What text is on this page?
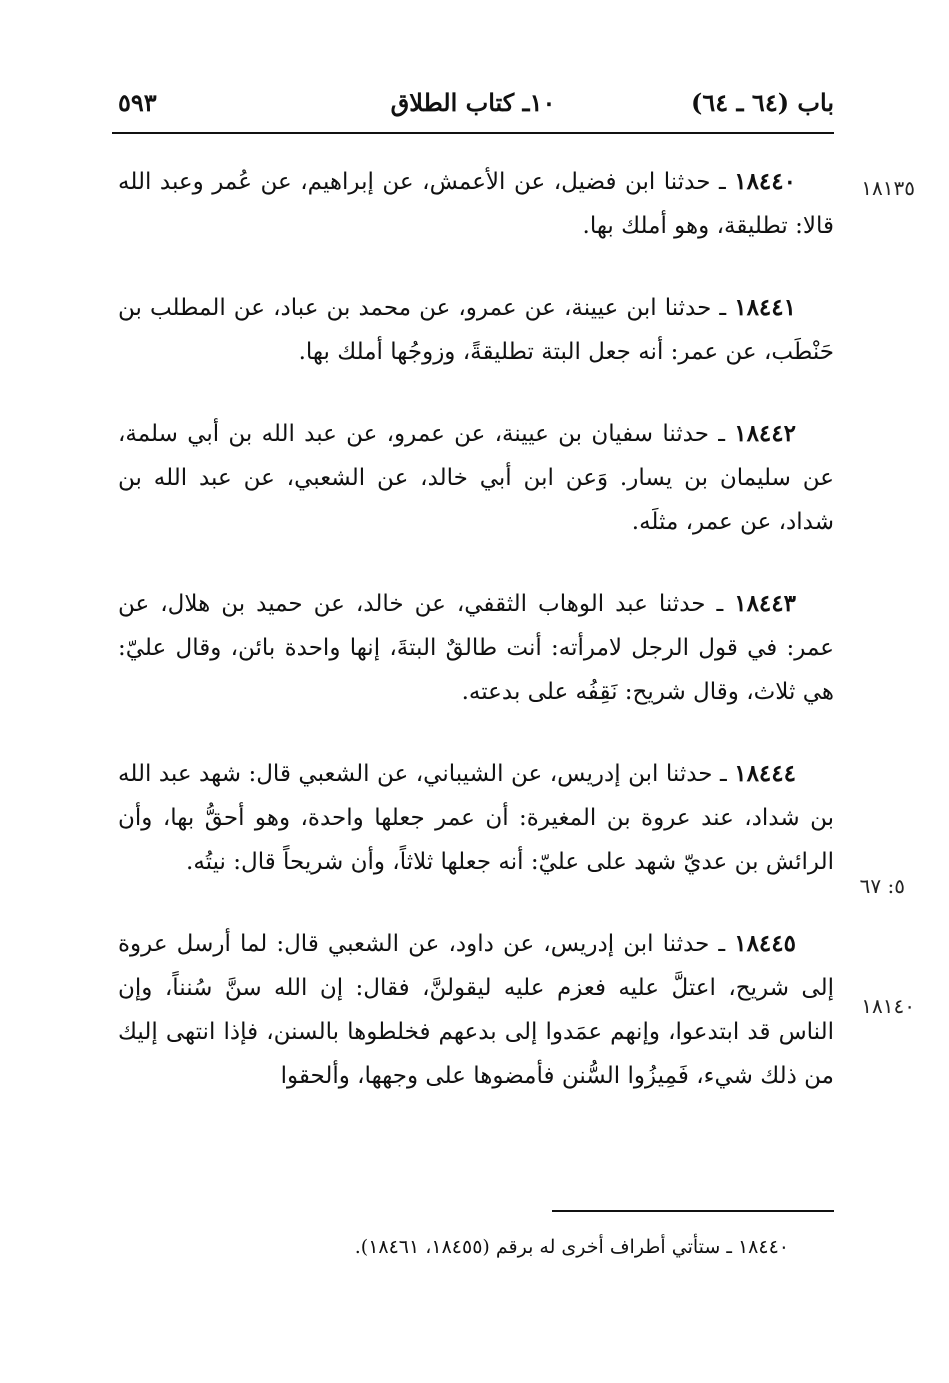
باب (٦٤ ـ ٦٤)
١٠ـ كتاب الطلاق
٥٩٣
١٨١٣٥
٥: ٦٧
١٨١٤٠

١٨٤٤٠ ـ حدثنا ابن فضيل، عن الأعمش، عن إبراهيم، عن عُمر وعبد الله قالا: تطليقة، وهو أملك بها.

١٨٤٤١ ـ حدثنا ابن عيينة، عن عمرو، عن محمد بن عباد، عن المطلب بن حَنْطَب، عن عمر: أنه جعل البتة تطليقةً، وزوجُها أملك بها.

١٨٤٤٢ ـ حدثنا سفيان بن عيينة، عن عمرو، عن عبد الله بن أبي سلمة، عن سليمان بن يسار. وَعن ابن أبي خالد، عن الشعبي، عن عبد الله بن شداد، عن عمر، مثلَه.

١٨٤٤٣ ـ حدثنا عبد الوهاب الثقفي، عن خالد، عن حميد بن هلال، عن عمر: في قول الرجل لامرأته: أنت طالقٌ البتةَ، إنها واحدة بائن، وقال عليّ: هي ثلاث، وقال شريح: نَقِفُه على بدعته.

١٨٤٤٤ ـ حدثنا ابن إدريس، عن الشيباني، عن الشعبي قال: شهد عبد الله بن شداد، عند عروة بن المغيرة: أن عمر جعلها واحدة، وهو أحقُّ بها، وأن الرائش بن عديّ شهد على عليّ: أنه جعلها ثلاثاً، وأن شريحاً قال: نيتُه.

١٨٤٤٥ ـ حدثنا ابن إدريس، عن داود، عن الشعبي قال: لما أرسل عروة إلى شريح، اعتلَّ عليه فعزم عليه ليقولنَّ، فقال: إن الله سنَّ سُنناً، وإن الناس قد ابتدعوا، وإنهم عمَدوا إلى بدعهم فخلطوها بالسنن، فإذا انتهى إليك من ذلك شيء، فَمِيزُوا السُّنن فأمضوها على وجهها، وألحقوا

١٨٤٤٠ ـ ستأتي أطراف أخرى له برقم (١٨٤٥٥، ١٨٤٦١).
